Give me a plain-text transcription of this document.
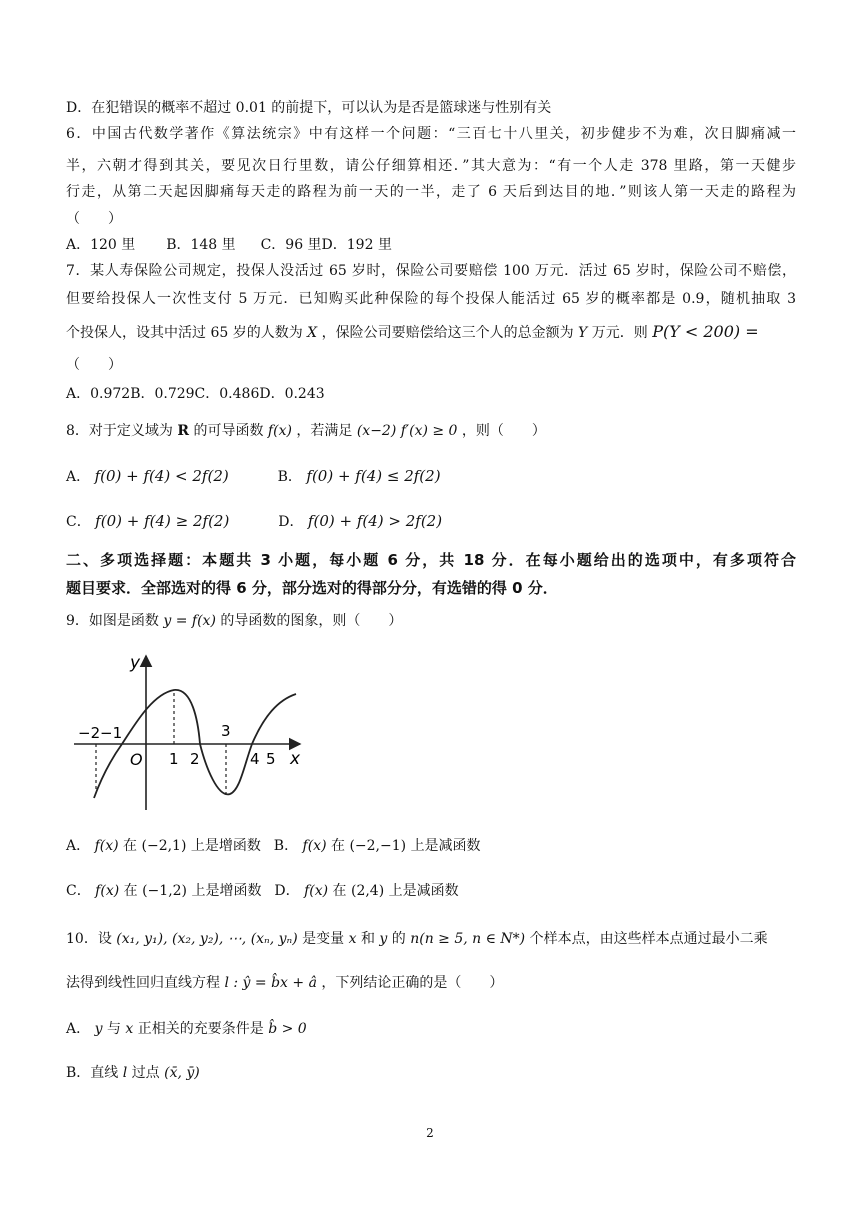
D．在犯错误的概率不超过 0.01 的前提下，可以认为是否是篮球迷与性别有关
6．中国古代数学著作《算法统宗》中有这样一个问题：“三百七十八里关，初步健步不为难，次日脚痛减一
半，六朝才得到其关，要见次日行里数，请公仔细算相还．”其大意为：“有一个人走 378 里路，第一天健步
行走，从第二天起因脚痛每天走的路程为前一天的一半，走了 6 天后到达目的地．”则该人第一天走的路程为
（　　）
A．120 里 B．148 里 C．96 里D．192 里
7．某人寿保险公司规定，投保人没活过 65 岁时，保险公司要赔偿 100 万元．活过 65 岁时，保险公司不赔偿，
但要给投保人一次性支付 5 万元．已知购买此种保险的每个投保人能活过 65 岁的概率都是 0.9，随机抽取 3
个投保人，设其中活过 65 岁的人数为 X ，保险公司要赔偿给这三个人的总金额为 Y 万元．则 P(Y < 200) =
（　　）
A．0.972B．0.729C．0.486D．0.243
8．对于定义域为 R 的可导函数 f(x) ，若满足 (x−2) f′(x) ≥ 0 ，则（　　）
A． f(0) + f(4) < 2f(2)	B． f(0) + f(4) ≤ 2f(2)
C． f(0) + f(4) ≥ 2f(2)	D． f(0) + f(4) > 2f(2)
二、多项选择题：本题共 3 小题，每小题 6 分，共 18 分．在每小题给出的选项中，有多项符合
题目要求．全部选对的得 6 分，部分选对的得部分分，有选错的得 0 分．
9．如图是函数 y = f(x) 的导函数的图象，则（　　）
y
x
O
−2 −1
1 2
3
4 5
A． f(x) 在 (−2,1) 上是增函数 B． f(x) 在 (−2,−1) 上是减函数
C． f(x) 在 (−1,2) 上是增函数 D． f(x) 在 (2,4) 上是减函数
10．设 (x₁, y₁), (x₂, y₂), ⋯, (xₙ, yₙ) 是变量 x 和 y 的 n(n ≥ 5, n ∈ N*) 个样本点，由这些样本点通过最小二乘
法得到线性回归直线方程 l : ŷ = b̂x + â ，下列结论正确的是（　　）
A． y 与 x 正相关的充要条件是 b̂ > 0
B．直线 l 过点 (x̄, ȳ)
2
